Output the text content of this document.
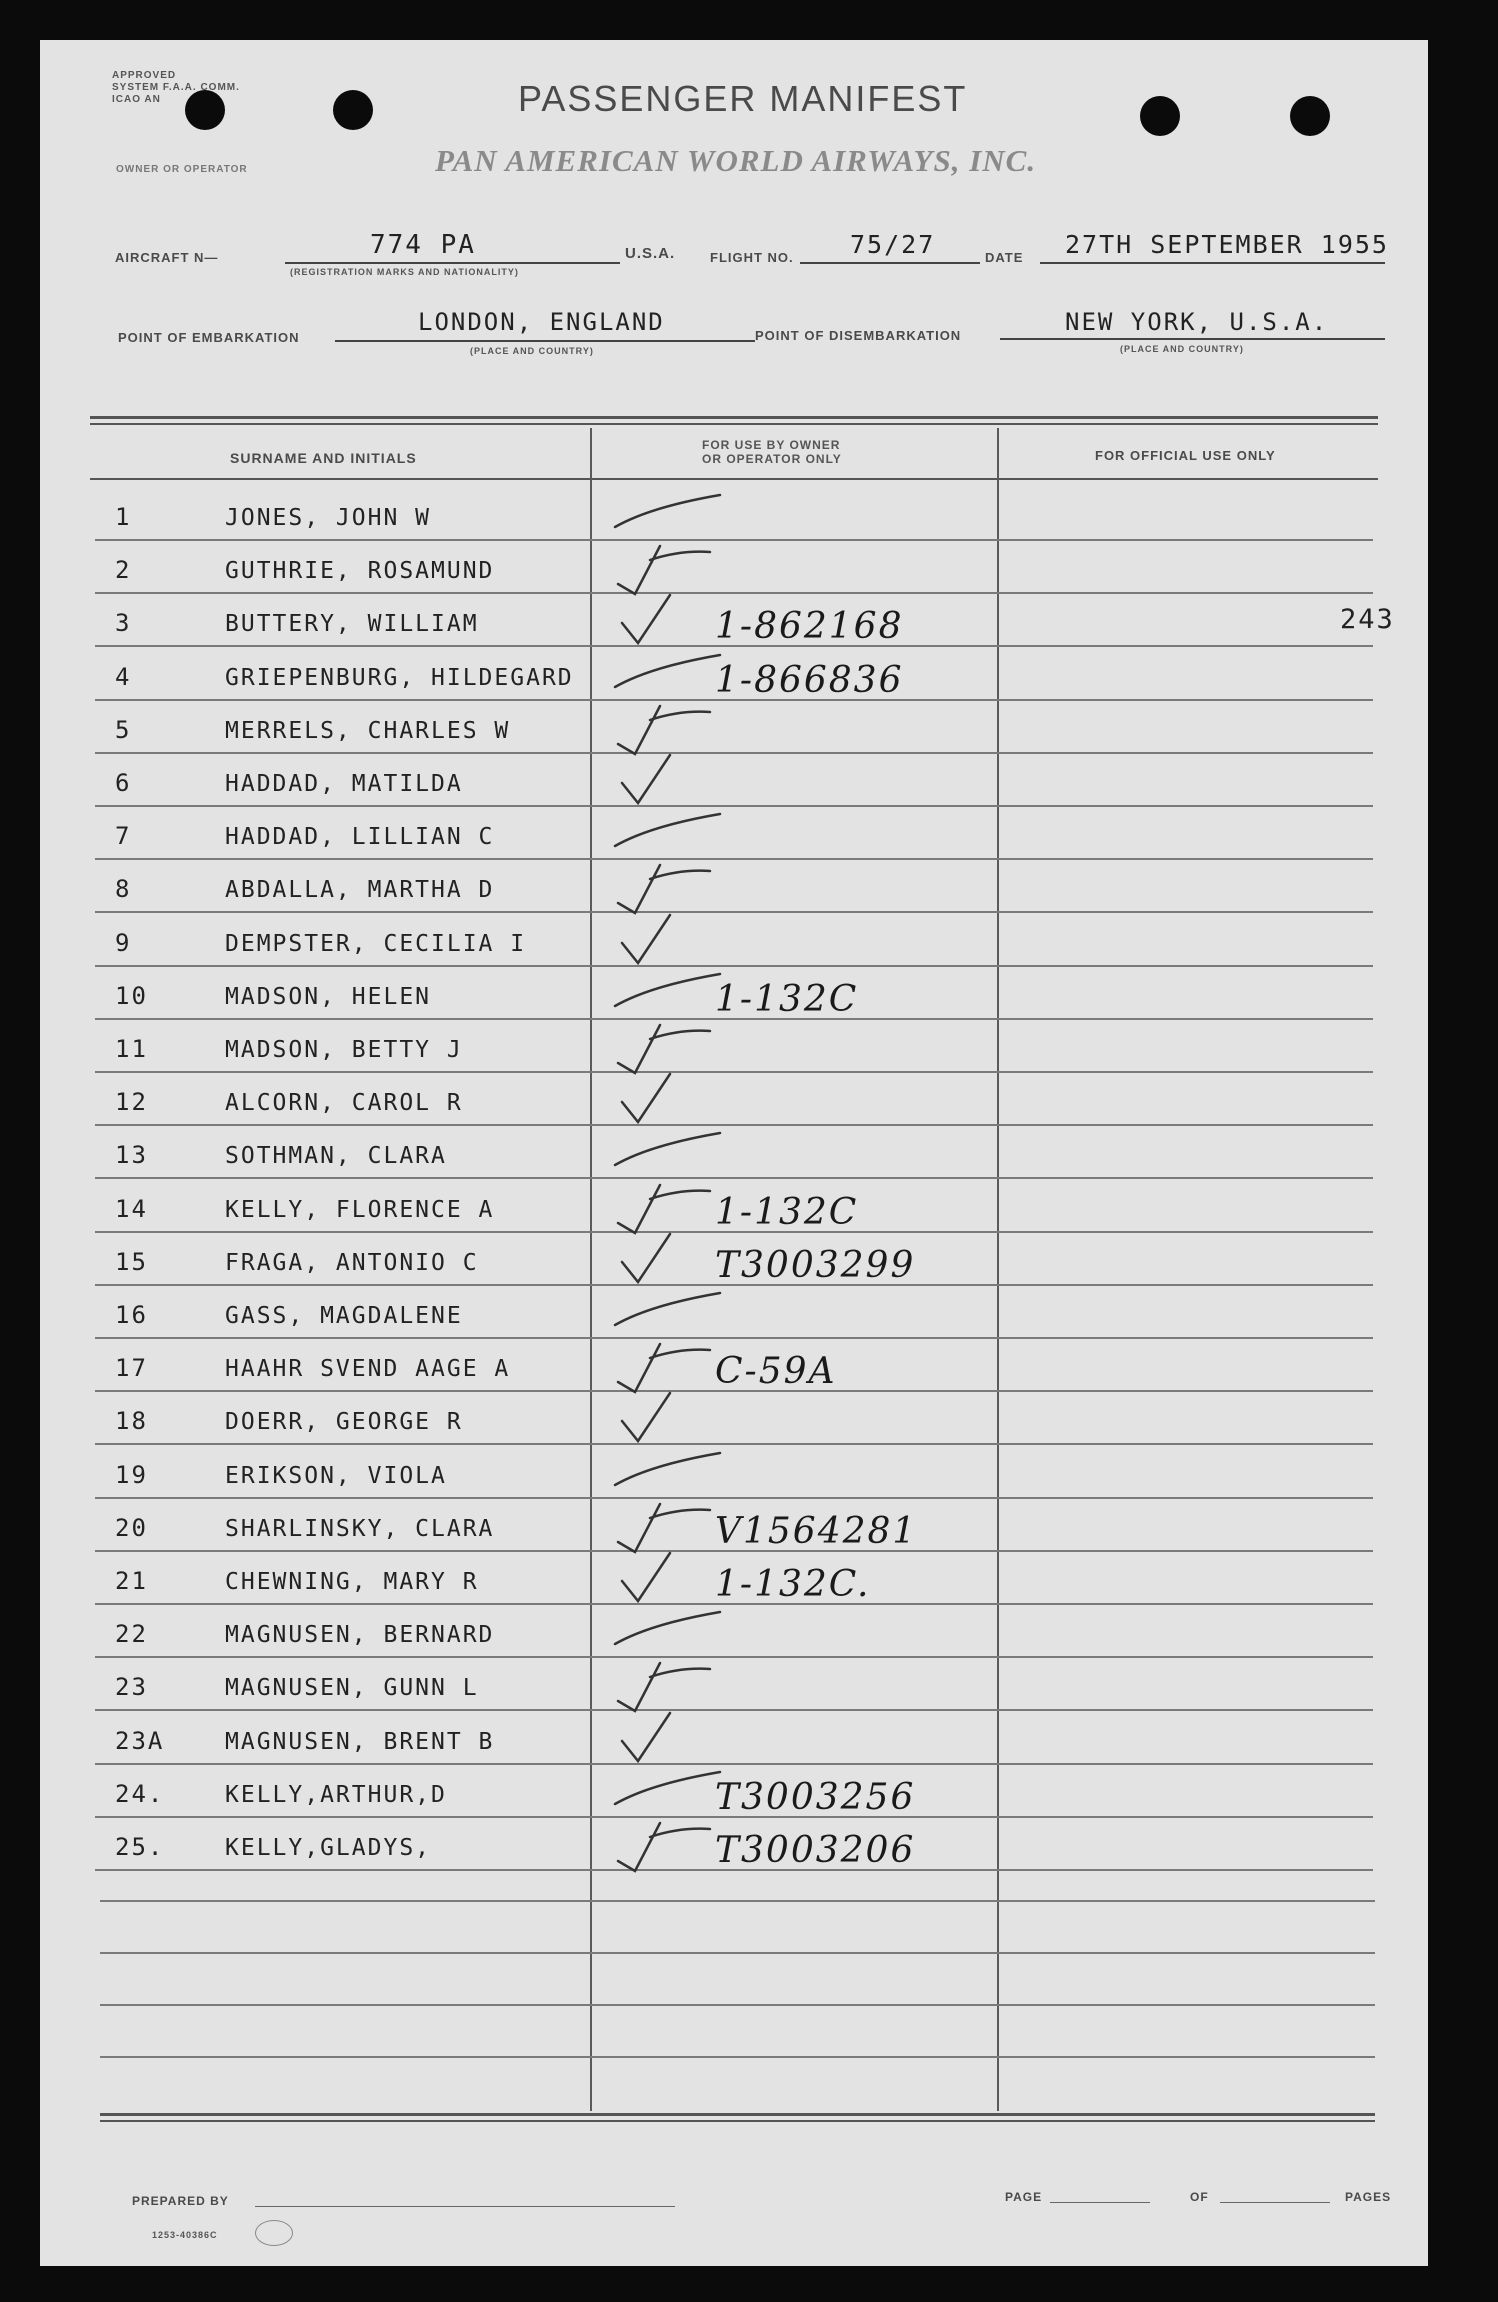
APPROVED
SYSTEM F.A.A. COMM.
ICAO AN
OWNER OR OPERATOR
PASSENGER MANIFEST
PAN AMERICAN WORLD AIRWAYS, INC.
AIRCRAFT N—	774 PA
(REGISTRATION MARKS AND NATIONALITY)
U.S.A.	FLIGHT NO. 75/27	DATE 27TH SEPTEMBER 1955
POINT OF EMBARKATION
LONDON, ENGLAND
(PLACE AND COUNTRY)
POINT OF DISEMBARKATION	NEW YORK, U.S.A.
(PLACE AND COUNTRY)
SURNAME AND INITIALS
FOR USE BY OWNER
OR OPERATOR ONLY	FOR OFFICIAL USE ONLY
1	JONES, JOHN W
2	GUTHRIE, ROSAMUND
3	BUTTERY, WILLIAM	1-862168	243
4	GRIEPENBURG, HILDEGARD	1-866836
5	MERRELS, CHARLES W
6	HADDAD, MATILDA
7	HADDAD, LILLIAN C
8	ABDALLA, MARTHA D
9	DEMPSTER, CECILIA I
10	MADSON, HELEN	1-132C
11	MADSON, BETTY J
12	ALCORN, CAROL R
13	SOTHMAN, CLARA
14	KELLY, FLORENCE A	1-132C
15	FRAGA, ANTONIO C	T3003299
16	GASS, MAGDALENE
17	HAAHR SVEND AAGE A	C-59A
18	DOERR, GEORGE R
19	ERIKSON, VIOLA
20	SHARLINSKY, CLARA	V1564281
21	CHEWNING, MARY R	1-132C.
22	MAGNUSEN, BERNARD
23	MAGNUSEN, GUNN L
23A	MAGNUSEN, BRENT B
24.	KELLY,ARTHUR,D	T3003256
25.	KELLY,GLADYS,	T3003206
PREPARED BY	PAGE	OF	PAGES
1253-40386C
